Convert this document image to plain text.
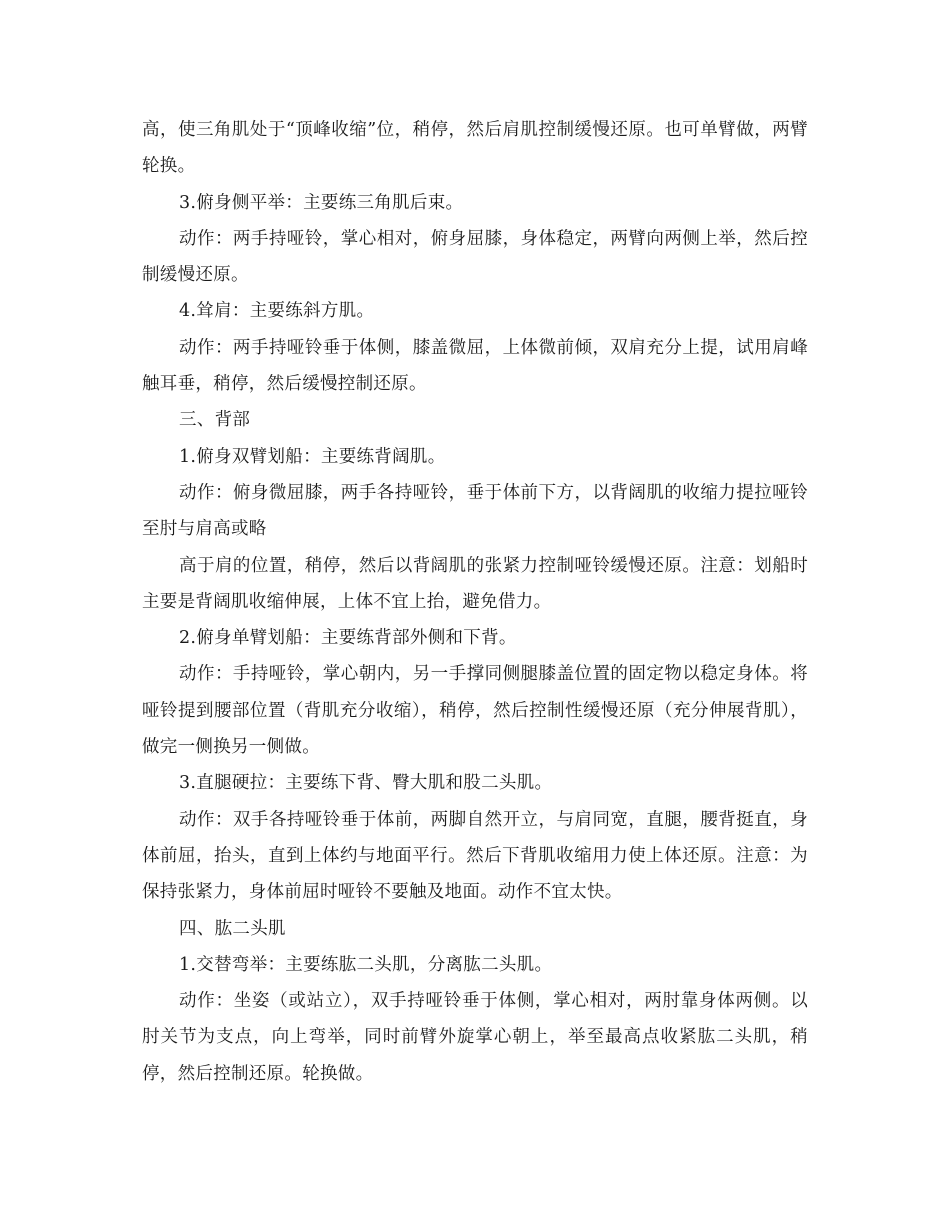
高，使三角肌处于“顶峰收缩”位，稍停，然后肩肌控制缓慢还原。也可单臂做，两臂轮换。

3.俯身侧平举：主要练三角肌后束。

动作：两手持哑铃，掌心相对，俯身屈膝，身体稳定，两臂向两侧上举，然后控制缓慢还原。

4.耸肩：主要练斜方肌。

动作：两手持哑铃垂于体侧，膝盖微屈，上体微前倾，双肩充分上提，试用肩峰触耳垂，稍停，然后缓慢控制还原。

三、背部

1.俯身双臂划船：主要练背阔肌。

动作：俯身微屈膝，两手各持哑铃，垂于体前下方，以背阔肌的收缩力提拉哑铃至肘与肩高或略

高于肩的位置，稍停，然后以背阔肌的张紧力控制哑铃缓慢还原。注意：划船时主要是背阔肌收缩伸展，上体不宜上抬，避免借力。

2.俯身单臂划船：主要练背部外侧和下背。

动作：手持哑铃，掌心朝内，另一手撑同侧腿膝盖位置的固定物以稳定身体。将哑铃提到腰部位置（背肌充分收缩），稍停，然后控制性缓慢还原（充分伸展背肌），做完一侧换另一侧做。

3.直腿硬拉：主要练下背、臀大肌和股二头肌。

动作：双手各持哑铃垂于体前，两脚自然开立，与肩同宽，直腿，腰背挺直，身体前屈，抬头，直到上体约与地面平行。然后下背肌收缩用力使上体还原。注意：为保持张紧力，身体前屈时哑铃不要触及地面。动作不宜太快。

四、肱二头肌

1.交替弯举：主要练肱二头肌，分离肱二头肌。

动作：坐姿（或站立），双手持哑铃垂于体侧，掌心相对，两肘靠身体两侧。以肘关节为支点，向上弯举，同时前臂外旋掌心朝上，举至最高点收紧肱二头肌，稍停，然后控制还原。轮换做。
